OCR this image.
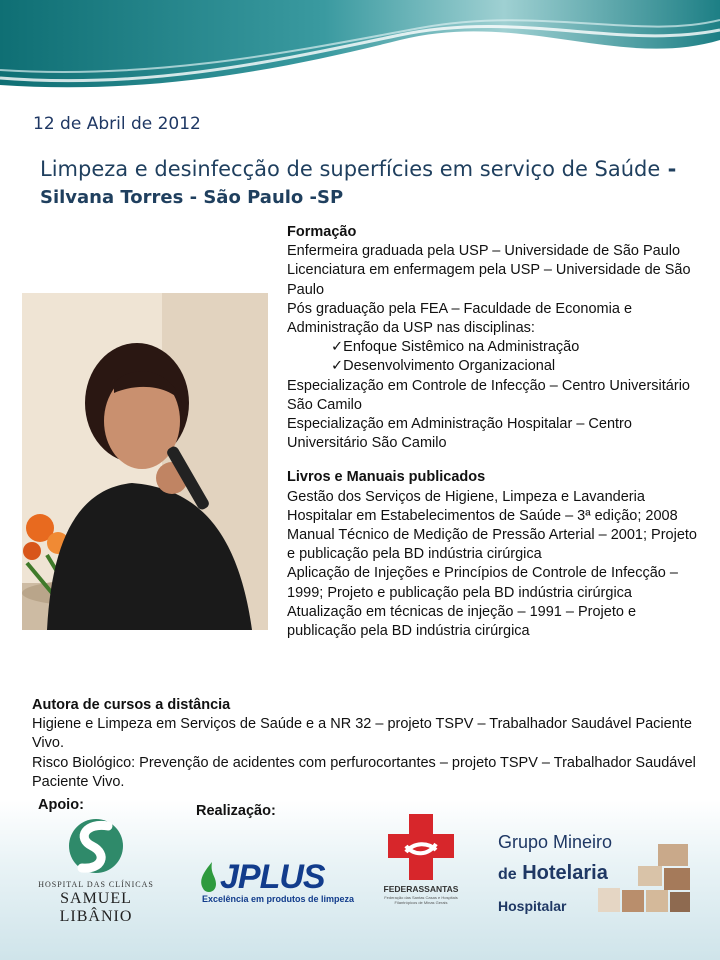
12 de Abril de 2012
Limpeza e desinfecção de superfícies em serviço de Saúde - Silvana Torres - São Paulo -SP
Formação
Enfermeira graduada pela USP – Universidade de São Paulo
Licenciatura em enfermagem pela USP – Universidade de São Paulo
Pós graduação pela FEA – Faculdade de Economia e Administração da USP nas disciplinas:
✓Enfoque Sistêmico na Administração
✓Desenvolvimento Organizacional
Especialização em Controle de Infecção – Centro Universitário São Camilo
Especialização em Administração Hospitalar – Centro Universitário São Camilo
Livros e Manuais publicados
Gestão dos Serviços de Higiene, Limpeza e Lavanderia Hospitalar em Estabelecimentos de Saúde – 3ª edição; 2008
Manual Técnico de Medição de Pressão Arterial – 2001; Projeto e publicação pela BD indústria cirúrgica
Aplicação de Injeções e Princípios de Controle de Infecção – 1999; Projeto e publicação pela BD indústria cirúrgica
Atualização em técnicas de injeção – 1991 – Projeto e publicação pela BD indústria cirúrgica
Autora de cursos a distância
Higiene e Limpeza em Serviços de Saúde e a NR 32 – projeto TSPV – Trabalhador Saudável Paciente Vivo.
Risco Biológico: Prevenção de acidentes com perfurocortantes – projeto TSPV – Trabalhador Saudável Paciente Vivo.
Apoio:	Realização:
HOSPITAL DAS CLÍNICAS
SAMUEL LIBÂNIO
JPLUS
Excelência em produtos de limpeza
FEDERASSANTAS
Federação das Santas Casas e Hospitais Filantrópicos de Minas Gerais
Grupo Mineiro
de Hotelaria
Hospitalar
